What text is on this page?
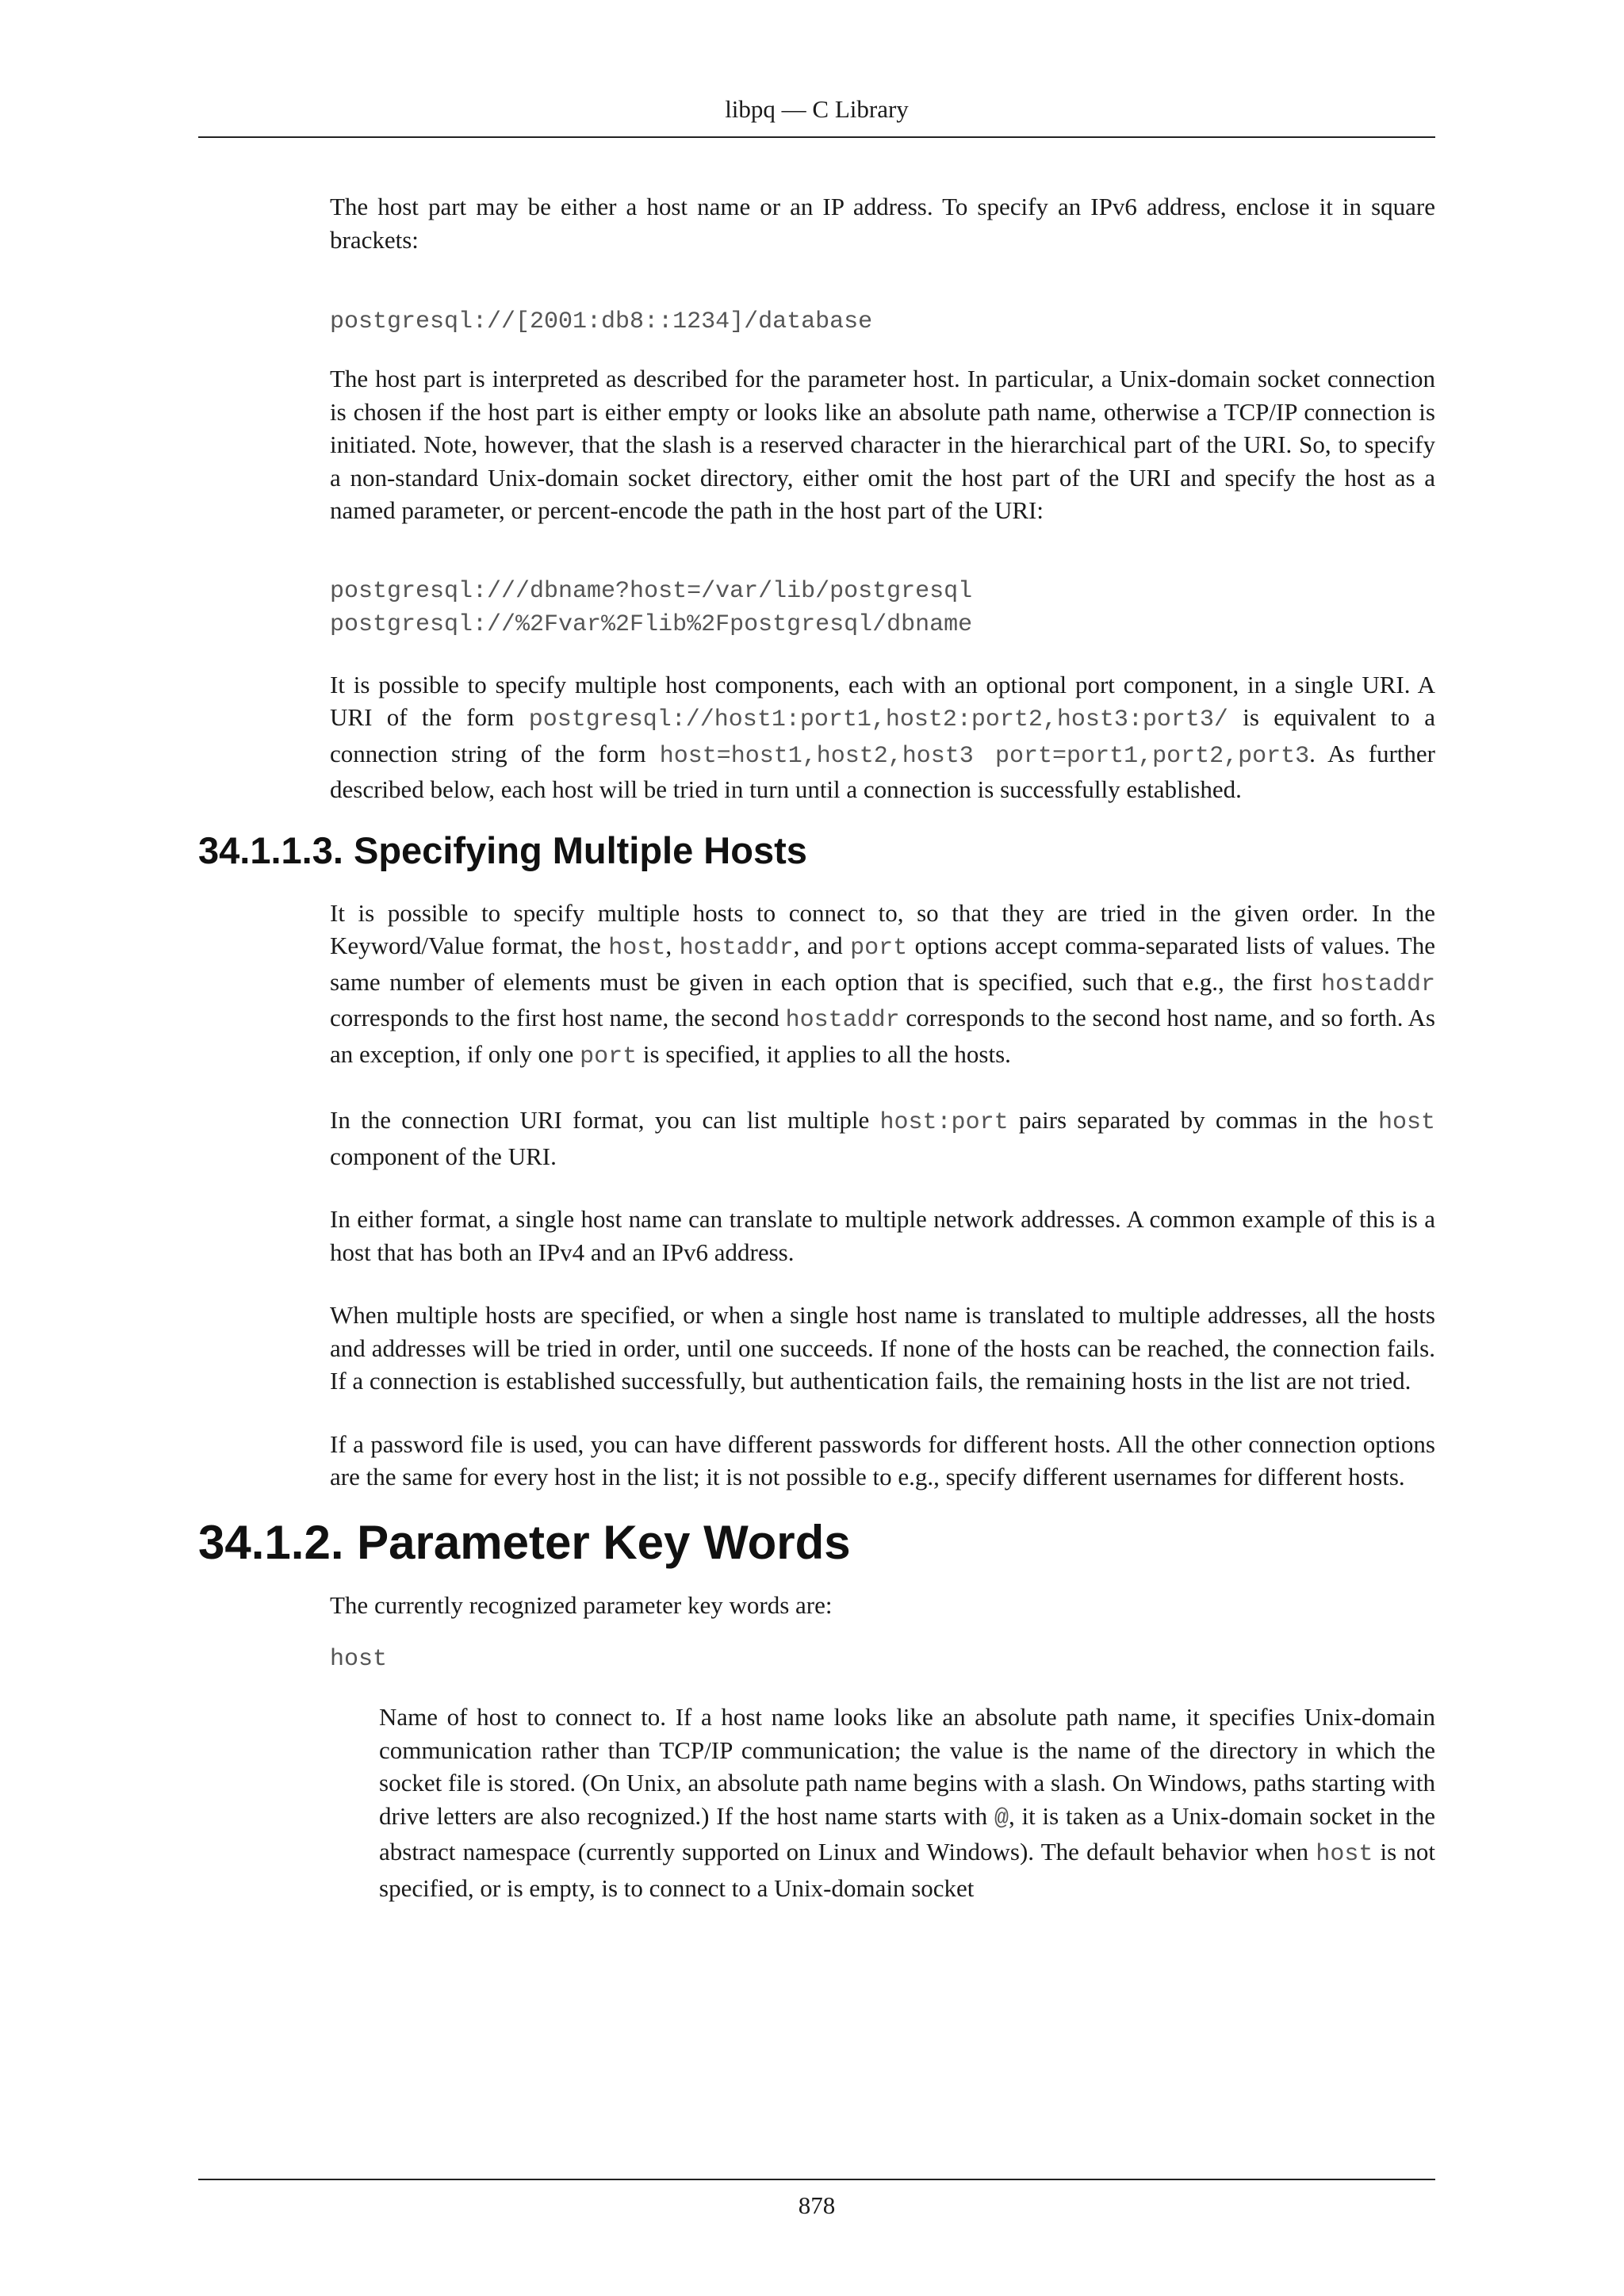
libpq — C Library

The host part may be either a host name or an IP address. To specify an IPv6 address, enclose it in square brackets:

postgresql://[2001:db8::1234]/database

The host part is interpreted as described for the parameter host. In particular, a Unix-domain socket connection is chosen if the host part is either empty or looks like an absolute path name, otherwise a TCP/IP connection is initiated. Note, however, that the slash is a reserved character in the hierarchical part of the URI. So, to specify a non-standard Unix-domain socket directory, either omit the host part of the URI and specify the host as a named parameter, or percent-encode the path in the host part of the URI:

postgresql:///dbname?host=/var/lib/postgresql
postgresql://%2Fvar%2Flib%2Fpostgresql/dbname

It is possible to specify multiple host components, each with an optional port component, in a single URI. A URI of the form postgresql://host1:port1,host2:port2,host3:port3/ is equivalent to a connection string of the form host=host1,host2,host3 port=port1,port2,port3. As further described below, each host will be tried in turn until a connection is successfully established.

34.1.1.3. Specifying Multiple Hosts

It is possible to specify multiple hosts to connect to, so that they are tried in the given order. In the Keyword/Value format, the host, hostaddr, and port options accept comma-separated lists of values. The same number of elements must be given in each option that is specified, such that e.g., the first hostaddr corresponds to the first host name, the second hostaddr corresponds to the second host name, and so forth. As an exception, if only one port is specified, it applies to all the hosts.

In the connection URI format, you can list multiple host:port pairs separated by commas in the host component of the URI.

In either format, a single host name can translate to multiple network addresses. A common example of this is a host that has both an IPv4 and an IPv6 address.

When multiple hosts are specified, or when a single host name is translated to multiple addresses, all the hosts and addresses will be tried in order, until one succeeds. If none of the hosts can be reached, the connection fails. If a connection is established successfully, but authentication fails, the remaining hosts in the list are not tried.

If a password file is used, you can have different passwords for different hosts. All the other connection options are the same for every host in the list; it is not possible to e.g., specify different usernames for different hosts.

34.1.2. Parameter Key Words

The currently recognized parameter key words are:

host

Name of host to connect to. If a host name looks like an absolute path name, it specifies Unix-domain communication rather than TCP/IP communication; the value is the name of the directory in which the socket file is stored. (On Unix, an absolute path name begins with a slash. On Windows, paths starting with drive letters are also recognized.) If the host name starts with @, it is taken as a Unix-domain socket in the abstract namespace (currently supported on Linux and Windows). The default behavior when host is not specified, or is empty, is to connect to a Unix-domain socket

878
